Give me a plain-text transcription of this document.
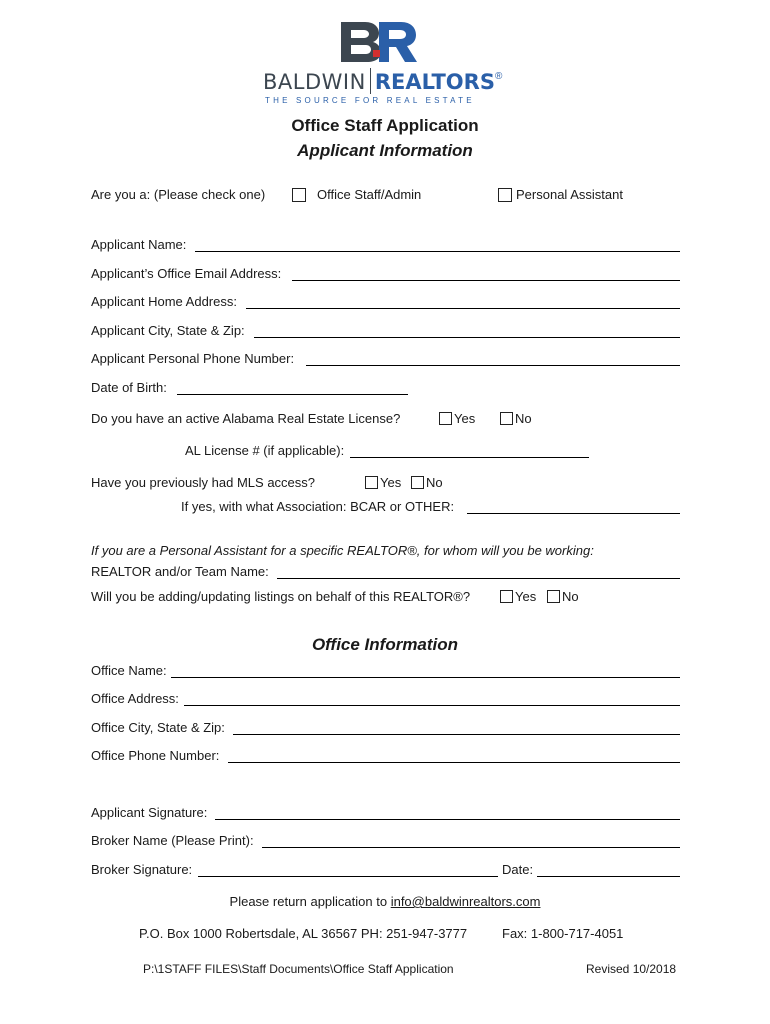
BALDWIN REALTORS®
THE SOURCE FOR REAL ESTATE
Office Staff Application
Applicant Information
Are you a: (Please check one)	Office Staff/Admin	Personal Assistant
Applicant Name:
Applicant’s Office Email Address:
Applicant Home Address:
Applicant City, State & Zip:
Applicant Personal Phone Number:
Date of Birth:
Do you have an active Alabama Real Estate License?	Yes	No
AL License # (if applicable):
Have you previously had MLS access?	Yes No
If yes, with what Association: BCAR or OTHER:
If you are a Personal Assistant for a specific REALTOR®, for whom will you be working:
REALTOR and/or Team Name:
Will you be adding/updating listings on behalf of this REALTOR®?	Yes No
Office Information
Office Name:
Office Address:
Office City, State & Zip:
Office Phone Number:
Applicant Signature:
Broker Name (Please Print):
Broker Signature:	Date:
Please return application to info@baldwinrealtors.com
P.O. Box 1000 Robertsdale, AL 36567 PH: 251-947-3777	Fax: 1-800-717-4051
P:\1STAFF FILES\Staff Documents\Office Staff Application	Revised 10/2018
